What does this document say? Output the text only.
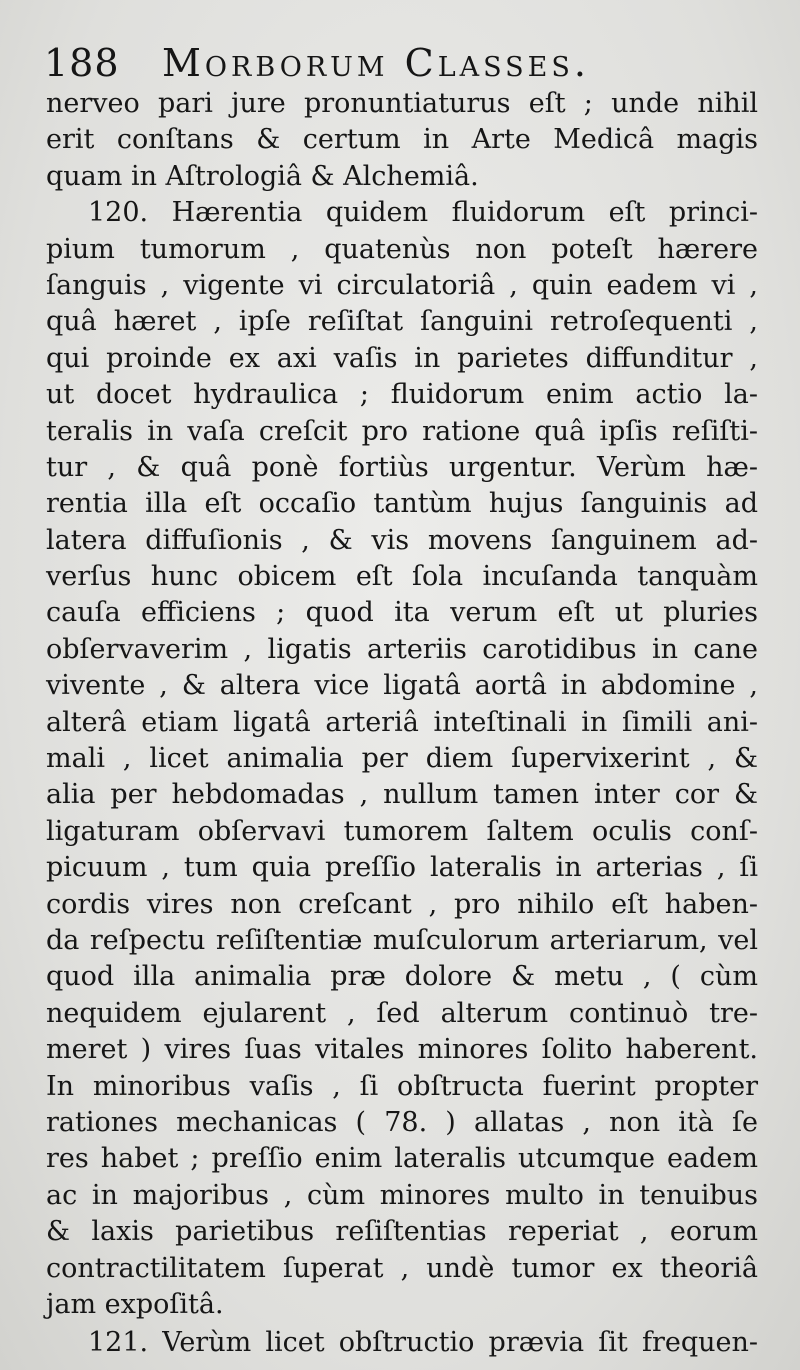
188 Morborum Classes.
nerveo pari jure pronuntiaturus eſt ; unde nihil
erit conſtans & certum in Arte Medicâ magis
quam in Aſtrologiâ & Alchemiâ.
120. Hærentia quidem fluidorum eſt princi-
pium tumorum , quatenùs non poteſt hærere
ſanguis , vigente vi circulatoriâ , quin eadem vi ,
quâ hæret , ipſe reſiſtat ſanguini retroſequenti ,
qui proinde ex axi vaſis in parietes diffunditur ,
ut docet hydraulica ; fluidorum enim actio la-
teralis in vaſa creſcit pro ratione quâ ipſis reſiſti-
tur , & quâ ponè fortiùs urgentur. Verùm hæ-
rentia illa eſt occaſio tantùm hujus ſanguinis ad
latera diffuſionis , & vis movens ſanguinem ad-
verſus hunc obicem eſt ſola incuſanda tanquàm
cauſa efficiens ; quod ita verum eſt ut pluries
obſervaverim , ligatis arteriis carotidibus in cane
vivente , & altera vice ligatâ aortâ in abdomine ,
alterâ etiam ligatâ arteriâ inteſtinali in ſimili ani-
mali , licet animalia per diem ſupervixerint , &
alia per hebdomadas , nullum tamen inter cor &
ligaturam obſervavi tumorem ſaltem oculis conſ-
picuum , tum quia preſſio lateralis in arterias , ſi
cordis vires non creſcant , pro nihilo eſt haben-
da reſpectu reſiſtentiæ muſculorum arteriarum, vel
quod illa animalia præ dolore & metu , ( cùm
nequidem ejularent , ſed alterum continuò tre-
meret ) vires ſuas vitales minores ſolito haberent.
In minoribus vaſis , ſi obſtructa fuerint propter
rationes mechanicas ( 78. ) allatas , non ità ſe
res habet ; preſſio enim lateralis utcumque eadem
ac in majoribus , cùm minores multo in tenuibus
& laxis parietibus reſiſtentias reperiat , eorum
contractilitatem ſuperat , undè tumor ex theoriâ
jam expoſitâ.
121. Verùm licet obſtructio prævia ſit frequen-
